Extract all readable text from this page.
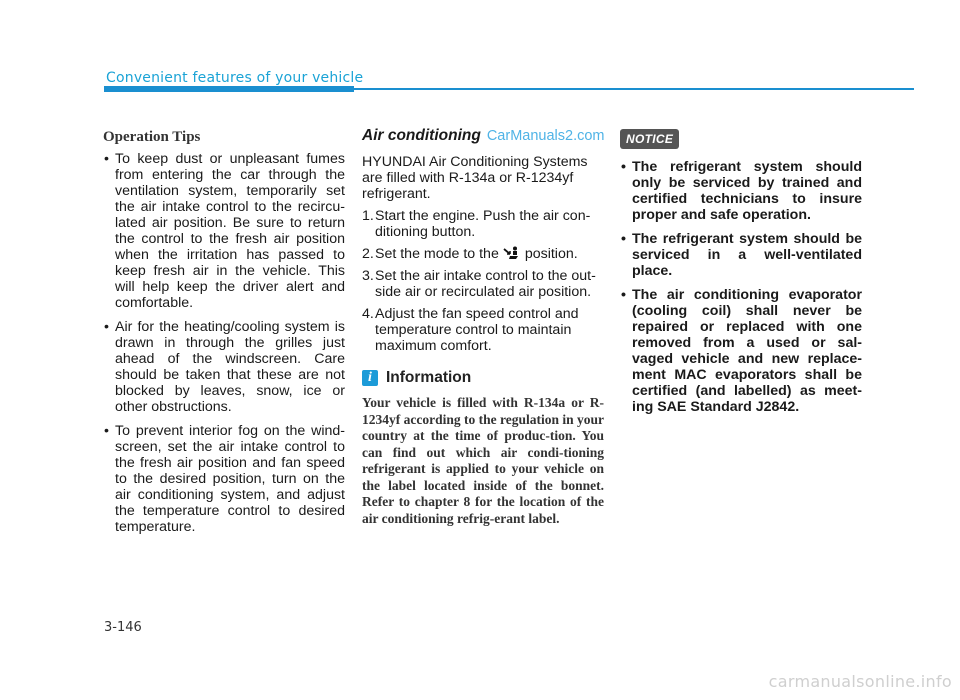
Convenient features of your vehicle
Operation Tips
• To keep dust or unpleasant fumes from entering the car through the ventilation system, temporarily set the air intake control to the recircu-lated air position. Be sure to return the control to the fresh air position when the irritation has passed to keep fresh air in the vehicle. This will help keep the driver alert and comfortable.
• Air for the heating/cooling system is drawn in through the grilles just ahead of the windscreen. Care should be taken that these are not blocked by leaves, snow, ice or other obstructions.
• To prevent interior fog on the wind-screen, set the air intake control to the fresh air position and fan speed to the desired position, turn on the air conditioning system, and adjust the temperature control to desired temperature.
Air conditioning CarManuals2.com

HYUNDAI Air Conditioning Systems are filled with R-134a or R-1234yf refrigerant.

1. Start the engine. Push the air con-ditioning button.
2. Set the mode to the position.
3. Set the air intake control to the out-side air or recirculated air position.
4. Adjust the fan speed control and temperature control to maintain maximum comfort.
i Information

Your vehicle is filled with R-134a or R-1234yf according to the regulation in your country at the time of produc-tion. You can find out which air condi-tioning refrigerant is applied to your vehicle on the label located inside of the bonnet. Refer to chapter 8 for the location of the air conditioning refrig-erant label.

NOTICE
• The refrigerant system should only be serviced by trained and certified technicians to insure proper and safe operation.
• The refrigerant system should be serviced in a well-ventilated place.
• The air conditioning evaporator (cooling coil) shall never be repaired or replaced with one removed from a used or sal-vaged vehicle and new replace-ment MAC evaporators shall be certified (and labelled) as meet-ing SAE Standard J2842.
3-146
carmanualsonline.info
